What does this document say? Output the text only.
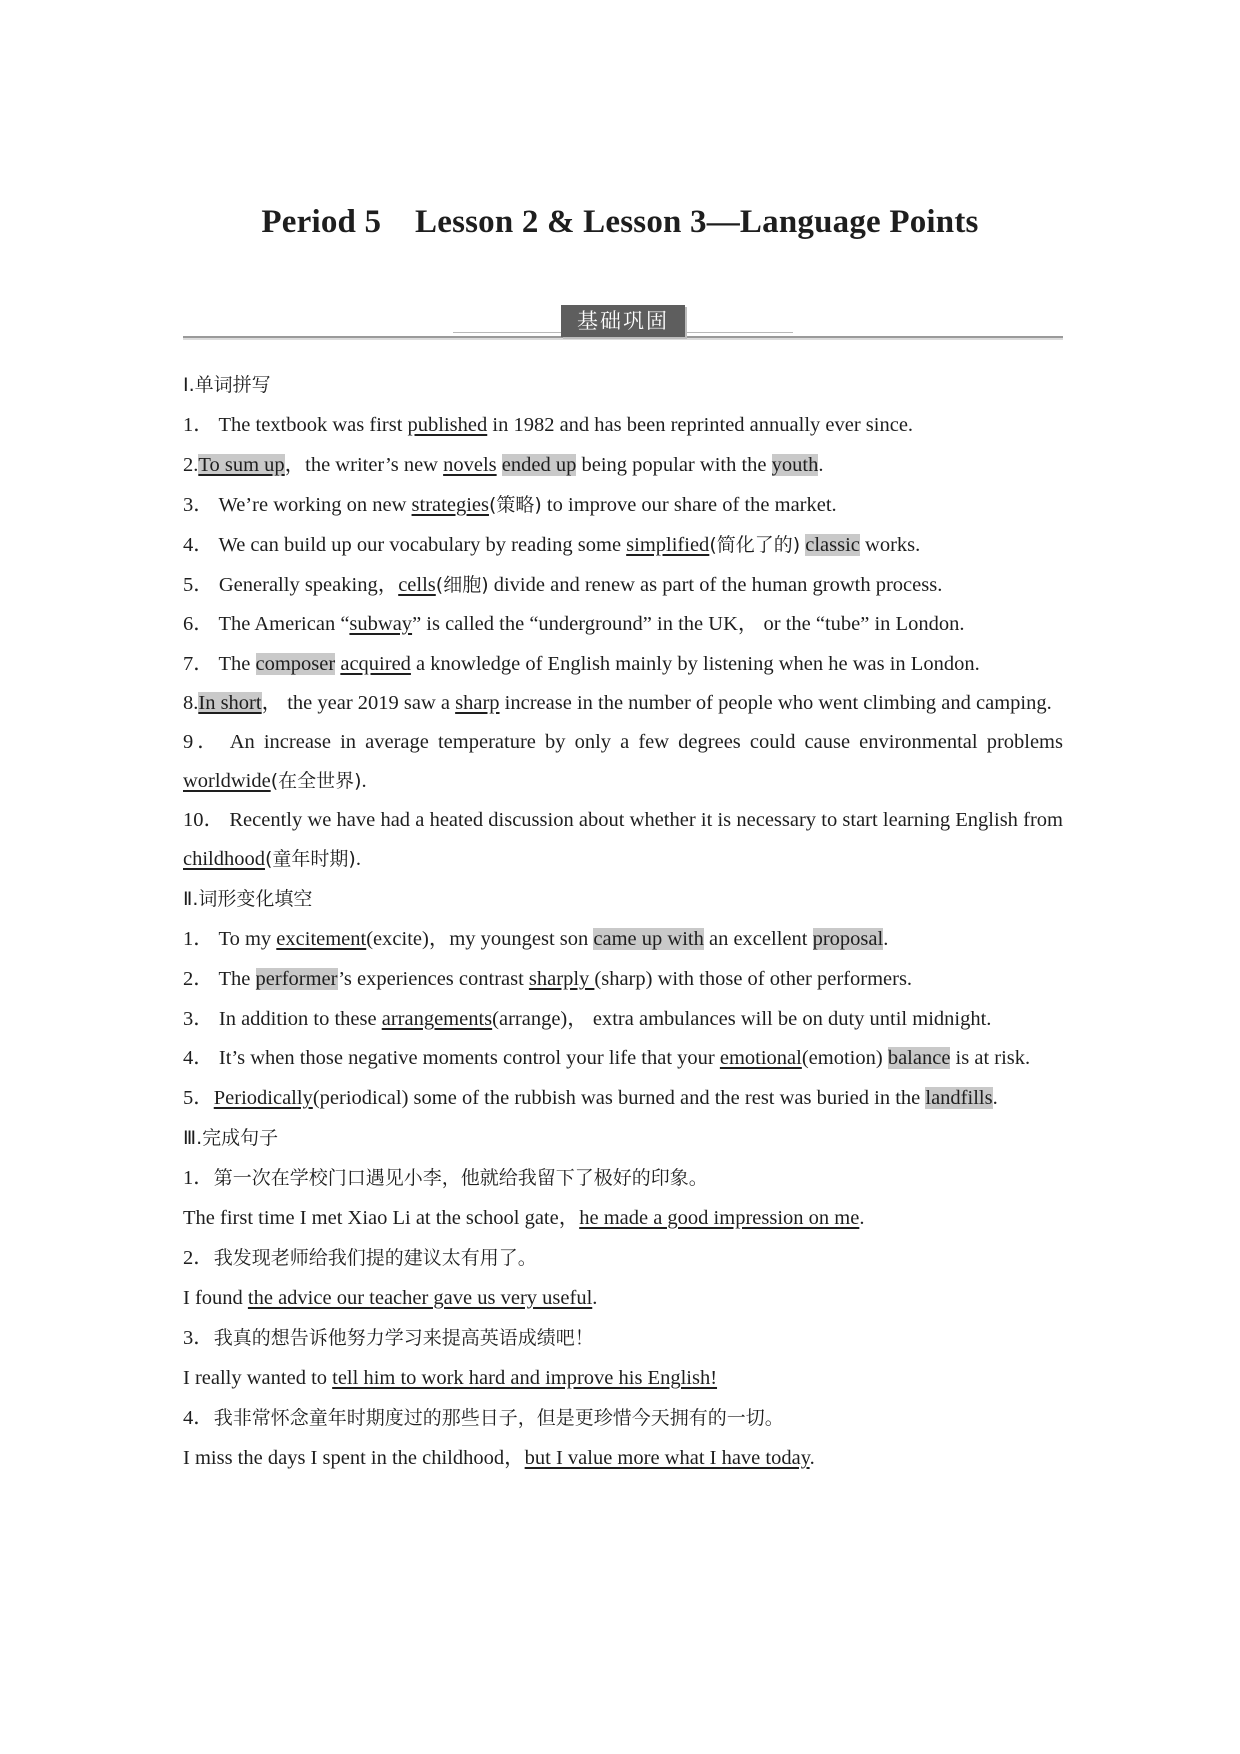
Period 5    Lesson 2 & Lesson 3—Language Points
基础巩固
Ⅰ.单词拼写
1． The textbook was first published in 1982 and has been reprinted annually ever since.
2.To sum up，the writer’s new novels ended up being popular with the youth.
3． We’re working on new strategies(策略) to improve our share of the market.
4． We can build up our vocabulary by reading some simplified(简化了的) classic works.
5． Generally speaking，cells(细胞) divide and renew as part of the human growth process.
6． The American “subway” is called the “underground” in the UK， or the “tube” in London.
7． The composer acquired a knowledge of English mainly by listening when he was in London.
8.In short， the year 2019 saw a sharp increase in the number of people who went climbing and camping.
9． An increase in average temperature by only a few degrees could cause environmental problems worldwide(在全世界).
10． Recently we have had a heated discussion about whether it is necessary to start learning English from childhood(童年时期).
Ⅱ.词形变化填空
1． To my excitement(excite)，my youngest son came up with an excellent proposal.
2． The performer’s experiences contrast sharply (sharp) with those of other performers.
3． In addition to these arrangements(arrange)， extra ambulances will be on duty until midnight.
4． It’s when those negative moments control your life that your emotional(emotion) balance is at risk.
5．Periodically(periodical) some of the rubbish was burned and the rest was buried in the landfills.
Ⅲ.完成句子
1．第一次在学校门口遇见小李，他就给我留下了极好的印象。
The first time I met Xiao Li at the school gate，he made a good impression on me.
2．我发现老师给我们提的建议太有用了。
I found the advice our teacher gave us very useful.
3．我真的想告诉他努力学习来提高英语成绩吧！
I really wanted to tell him to work hard and improve his English!
4．我非常怀念童年时期度过的那些日子，但是更珍惜今天拥有的一切。
I miss the days I spent in the childhood，but I value more what I have today.
